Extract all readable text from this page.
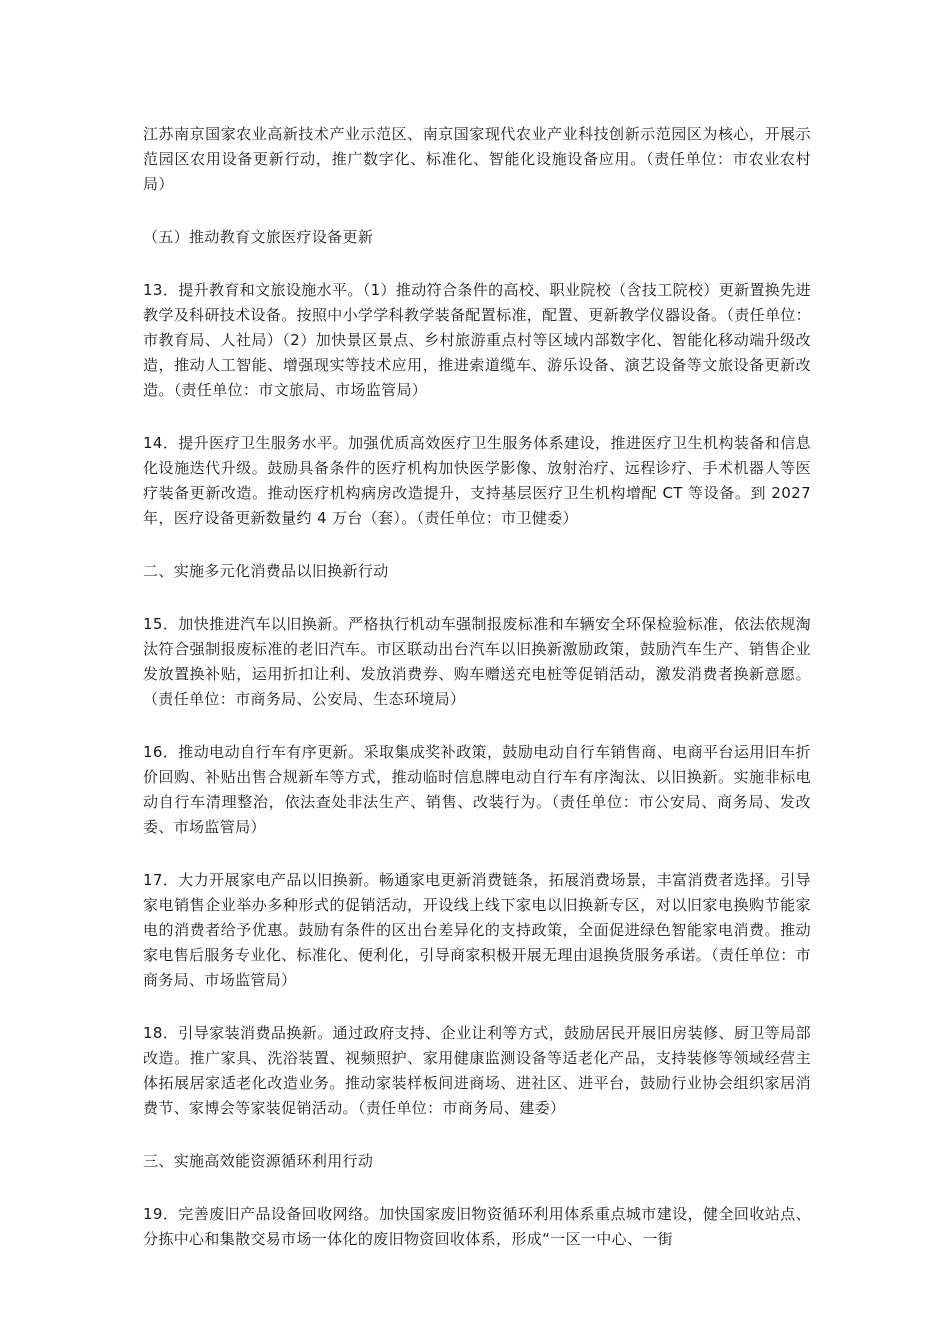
江苏南京国家农业高新技术产业示范区、南京国家现代农业产业科技创新示范园区为核心，开展示范园区农用设备更新行动，推广数字化、标准化、智能化设施设备应用。（责任单位：市农业农村局）

（五）推动教育文旅医疗设备更新

13．提升教育和文旅设施水平。（1）推动符合条件的高校、职业院校（含技工院校）更新置换先进教学及科研技术设备。按照中小学学科教学装备配置标准，配置、更新教学仪器设备。（责任单位：市教育局、人社局）（2）加快景区景点、乡村旅游重点村等区域内部数字化、智能化移动端升级改造，推动人工智能、增强现实等技术应用，推进索道缆车、游乐设备、演艺设备等文旅设备更新改造。（责任单位：市文旅局、市场监管局）

14．提升医疗卫生服务水平。加强优质高效医疗卫生服务体系建设，推进医疗卫生机构装备和信息化设施迭代升级。鼓励具备条件的医疗机构加快医学影像、放射治疗、远程诊疗、手术机器人等医疗装备更新改造。推动医疗机构病房改造提升，支持基层医疗卫生机构增配 CT 等设备。到 2027 年，医疗设备更新数量约 4 万台（套）。（责任单位：市卫健委）

二、实施多元化消费品以旧换新行动

15．加快推进汽车以旧换新。严格执行机动车强制报废标准和车辆安全环保检验标准，依法依规淘汰符合强制报废标准的老旧汽车。市区联动出台汽车以旧换新激励政策，鼓励汽车生产、销售企业发放置换补贴，运用折扣让利、发放消费券、购车赠送充电桩等促销活动，激发消费者换新意愿。（责任单位：市商务局、公安局、生态环境局）

16．推动电动自行车有序更新。采取集成奖补政策，鼓励电动自行车销售商、电商平台运用旧车折价回购、补贴出售合规新车等方式，推动临时信息牌电动自行车有序淘汰、以旧换新。实施非标电动自行车清理整治，依法查处非法生产、销售、改装行为。（责任单位：市公安局、商务局、发改委、市场监管局）

17．大力开展家电产品以旧换新。畅通家电更新消费链条，拓展消费场景，丰富消费者选择。引导家电销售企业举办多种形式的促销活动，开设线上线下家电以旧换新专区，对以旧家电换购节能家电的消费者给予优惠。鼓励有条件的区出台差异化的支持政策，全面促进绿色智能家电消费。推动家电售后服务专业化、标准化、便利化，引导商家积极开展无理由退换货服务承诺。（责任单位：市商务局、市场监管局）

18．引导家装消费品换新。通过政府支持、企业让利等方式，鼓励居民开展旧房装修、厨卫等局部改造。推广家具、洗浴装置、视频照护、家用健康监测设备等适老化产品，支持装修等领域经营主体拓展居家适老化改造业务。推动家装样板间进商场、进社区、进平台，鼓励行业协会组织家居消费节、家博会等家装促销活动。（责任单位：市商务局、建委）

三、实施高效能资源循环利用行动

19．完善废旧产品设备回收网络。加快国家废旧物资循环利用体系重点城市建设，健全回收站点、分拣中心和集散交易市场一体化的废旧物资回收体系，形成“一区一中心、一街
